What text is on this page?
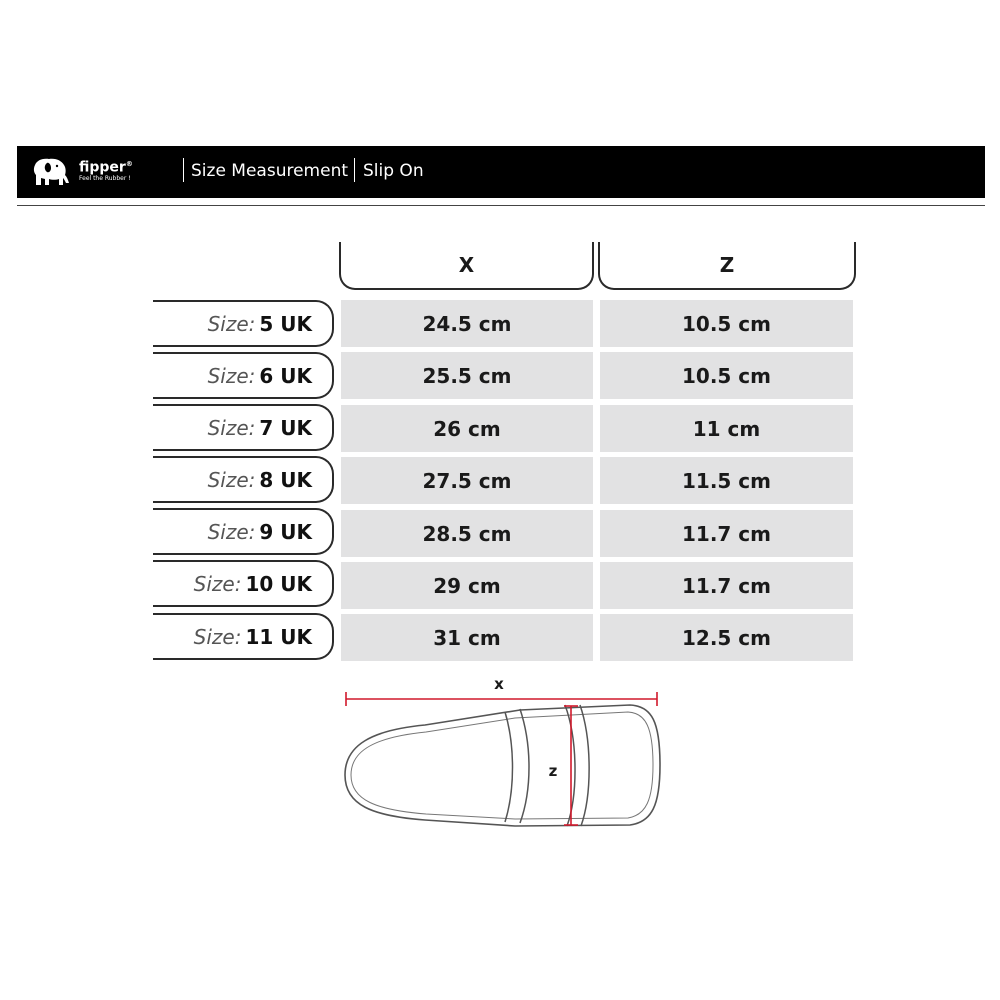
fipper®
Feel the Rubber !	Size Measurement Slip On
X	Z
Size: 5 UK	24.5 cm	10.5 cm
Size: 6 UK	25.5 cm	10.5 cm
Size: 7 UK	26 cm	11 cm
Size: 8 UK	27.5 cm	11.5 cm
Size: 9 UK	28.5 cm	11.7 cm
Size: 10 UK	29 cm	11.7 cm
Size: 11 UK	31 cm	12.5 cm
x
z
